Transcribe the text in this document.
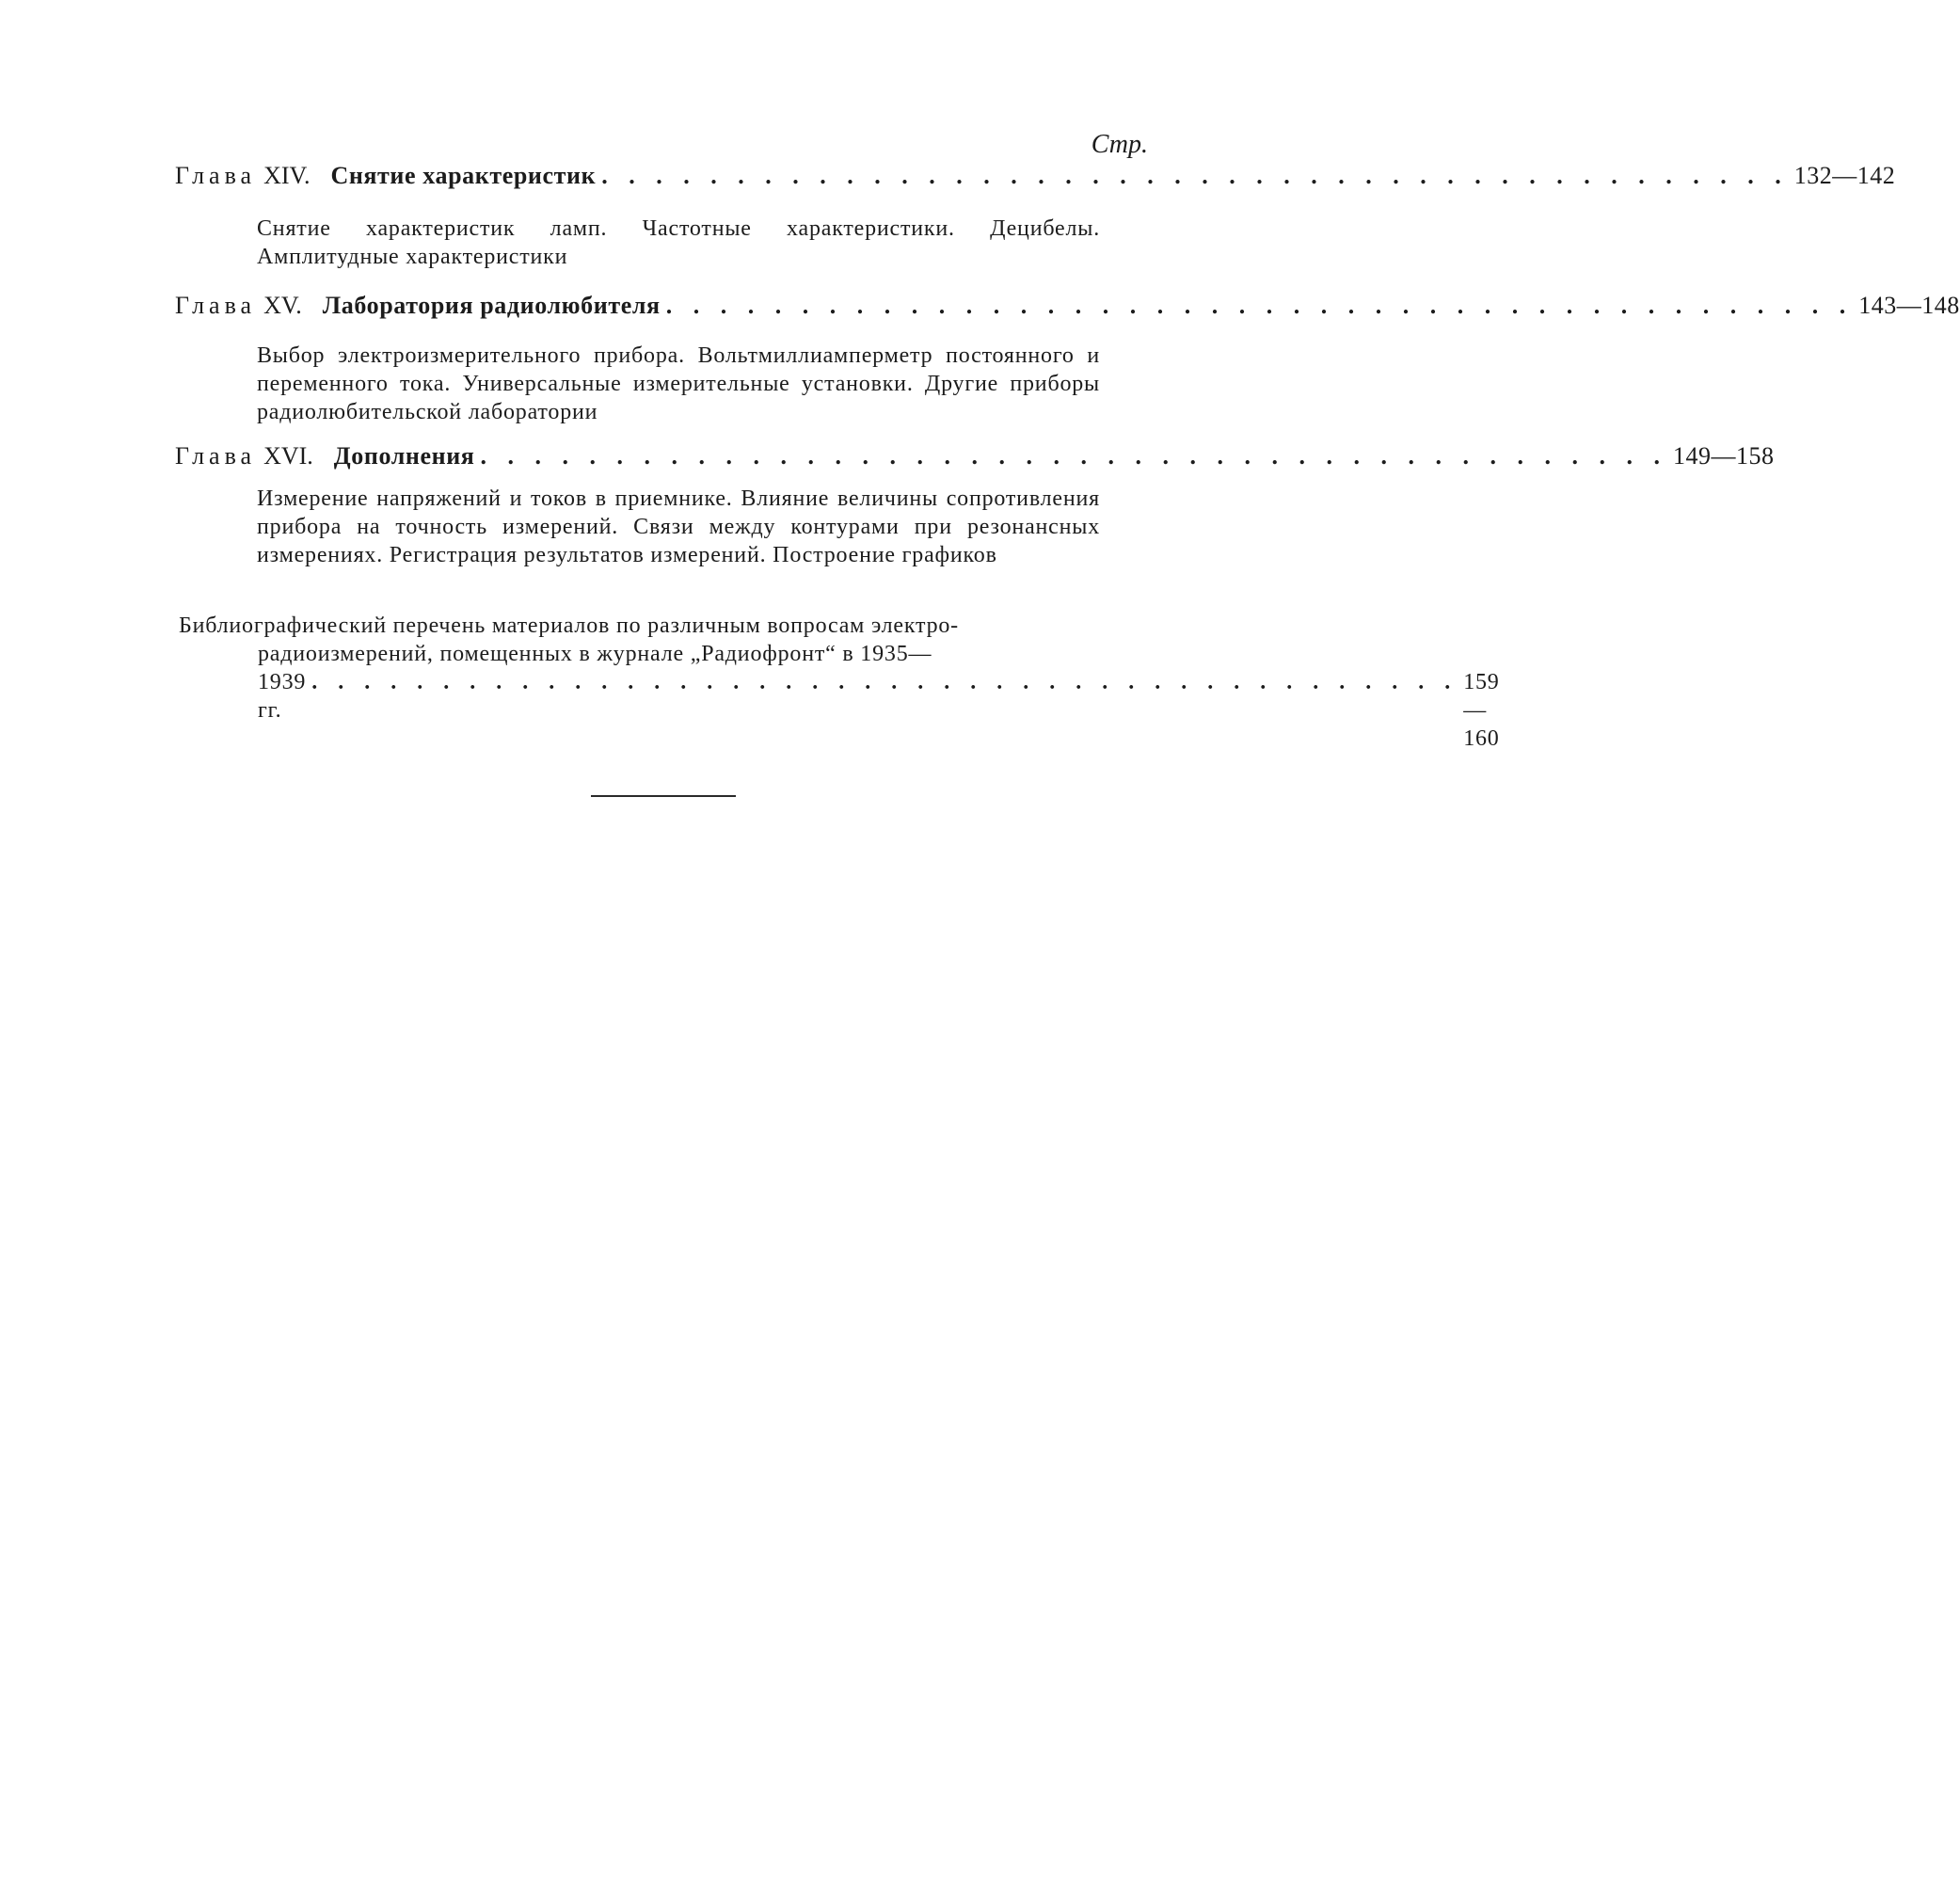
Стр.
Глава XIV. Снятие характеристик . . . . . . . . . . . . . . . . . . . . . . . . . . . . . . . . . . . . . . . . . . . . 132—142
Снятие характеристик ламп. Частотные характеристики. Децибелы. Амплитудные характеристики
Глава XV. Лаборатория радиолюбителя . . . . . . . . . . . . . . . . . . . . . . . . . . . . . . . . . . . . . . . . . . . . 143—148
Выбор электроизмерительного прибора. Вольтмиллиамперметр постоянного и переменного тока. Универсальные измерительные установки. Другие приборы радиолюбительской лаборатории
Глава XVI. Дополнения . . . . . . . . . . . . . . . . . . . . . . . . . . . . . . . . . . . . . . . . . . . . 149—158
Измерение напряжений и токов в приемнике. Влияние величины сопротивления прибора на точность измерений. Связи между контурами при резонансных измерениях. Регистрация результатов измерений. Построение графиков
Библиографический перечень материалов по различным вопросам электро-
радиоизмерений, помещенных в журнале „Радиофронт“ в 1935—
1939 гг.
. . . . . . . . . . . . . . . . . . . . . . . . . . . . . . . . . . . . . . . . . . . . 159—160
